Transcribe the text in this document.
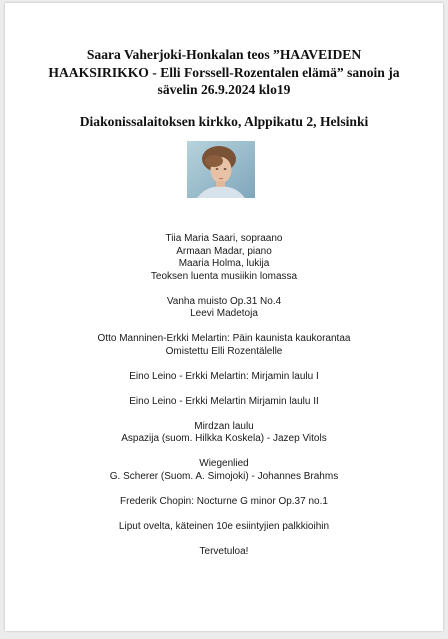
Saara Vaherjoki-Honkalan teos ”HAAVEIDEN
HAAKSIRIKKO - Elli Forssell-Rozentalen elämä” sanoin ja
sävelin 26.9.2024 klo19
Diakonissalaitoksen kirkko, Alppikatu 2, Helsinki
Tiia Maria Saari, sopraano
Armaan Madar, piano
Maaria Holma, lukija
Teoksen luenta musiikin lomassa
Vanha muisto Op.31 No.4
Leevi Madetoja
Otto Manninen-Erkki Melartin: Päin kaunista kaukorantaa
Omistettu Elli Rozentälelle
Eino Leino - Erkki Melartin: Mirjamin laulu I
Eino Leino - Erkki Melartin Mirjamin laulu II
Mirdzan laulu
Aspazija (suom. Hilkka Koskela) - Jazep Vitols
Wiegenlied
G. Scherer (Suom. A. Simojoki) - Johannes Brahms
Frederik Chopin: Nocturne G minor Op.37 no.1
Liput ovelta, käteinen 10e esiintyjien palkkioihin
Tervetuloa!
